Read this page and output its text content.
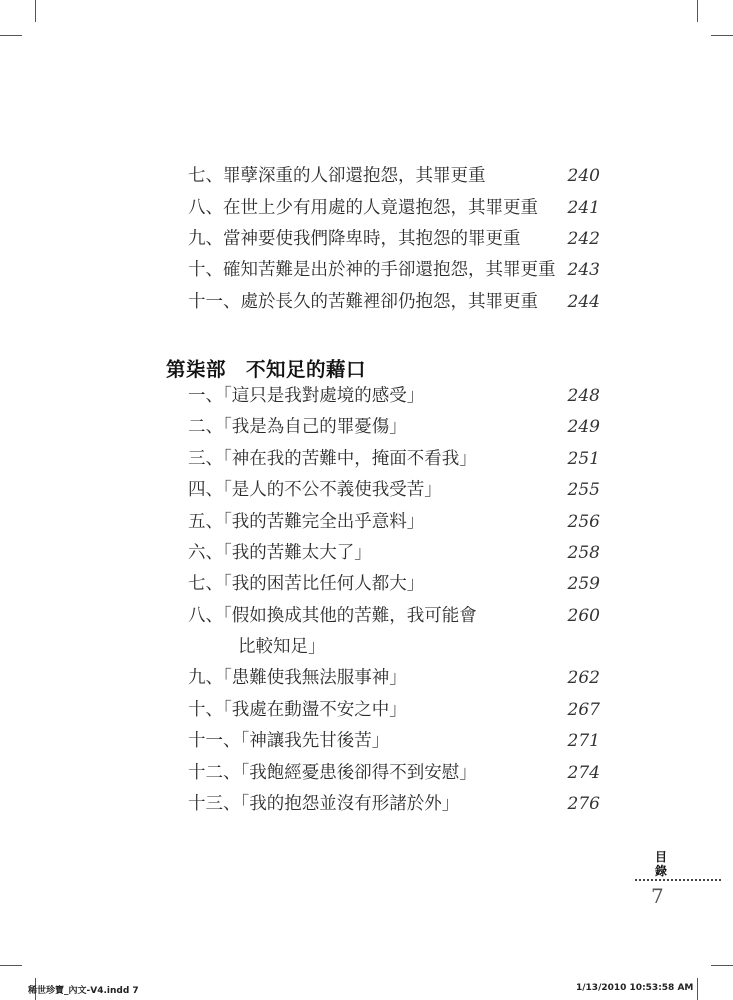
七、罪孽深重的人卻還抱怨，其罪更重	240
八、在世上少有用處的人竟還抱怨，其罪更重 241
九、當神要使我們降卑時，其抱怨的罪更重	242
十、確知苦難是出於神的手卻還抱怨，其罪更重 243
十一、處於長久的苦難裡卻仍抱怨，其罪更重 244
第柒部　不知足的藉口
一、「這只是我對處境的感受」	248
二、「我是為自己的罪憂傷」	249
三、「神在我的苦難中，掩面不看我」	251
四、「是人的不公不義使我受苦」	255
五、「我的苦難完全出乎意料」	256
六、「我的苦難太大了」	258
七、「我的困苦比任何人都大」	259
八、「假如換成其他的苦難，我可能會
比較知足」
260
九、「患難使我無法服事神」	262
十、「我處在動盪不安之中」	267
十一、「神讓我先甘後苦」	271
十二、「我飽經憂患後卻得不到安慰」	274
十三、「我的抱怨並沒有形諸於外」	276
目
錄
7
稀世珍寶_內文-V4.indd 7	1/13/2010 10:53:58 AM
